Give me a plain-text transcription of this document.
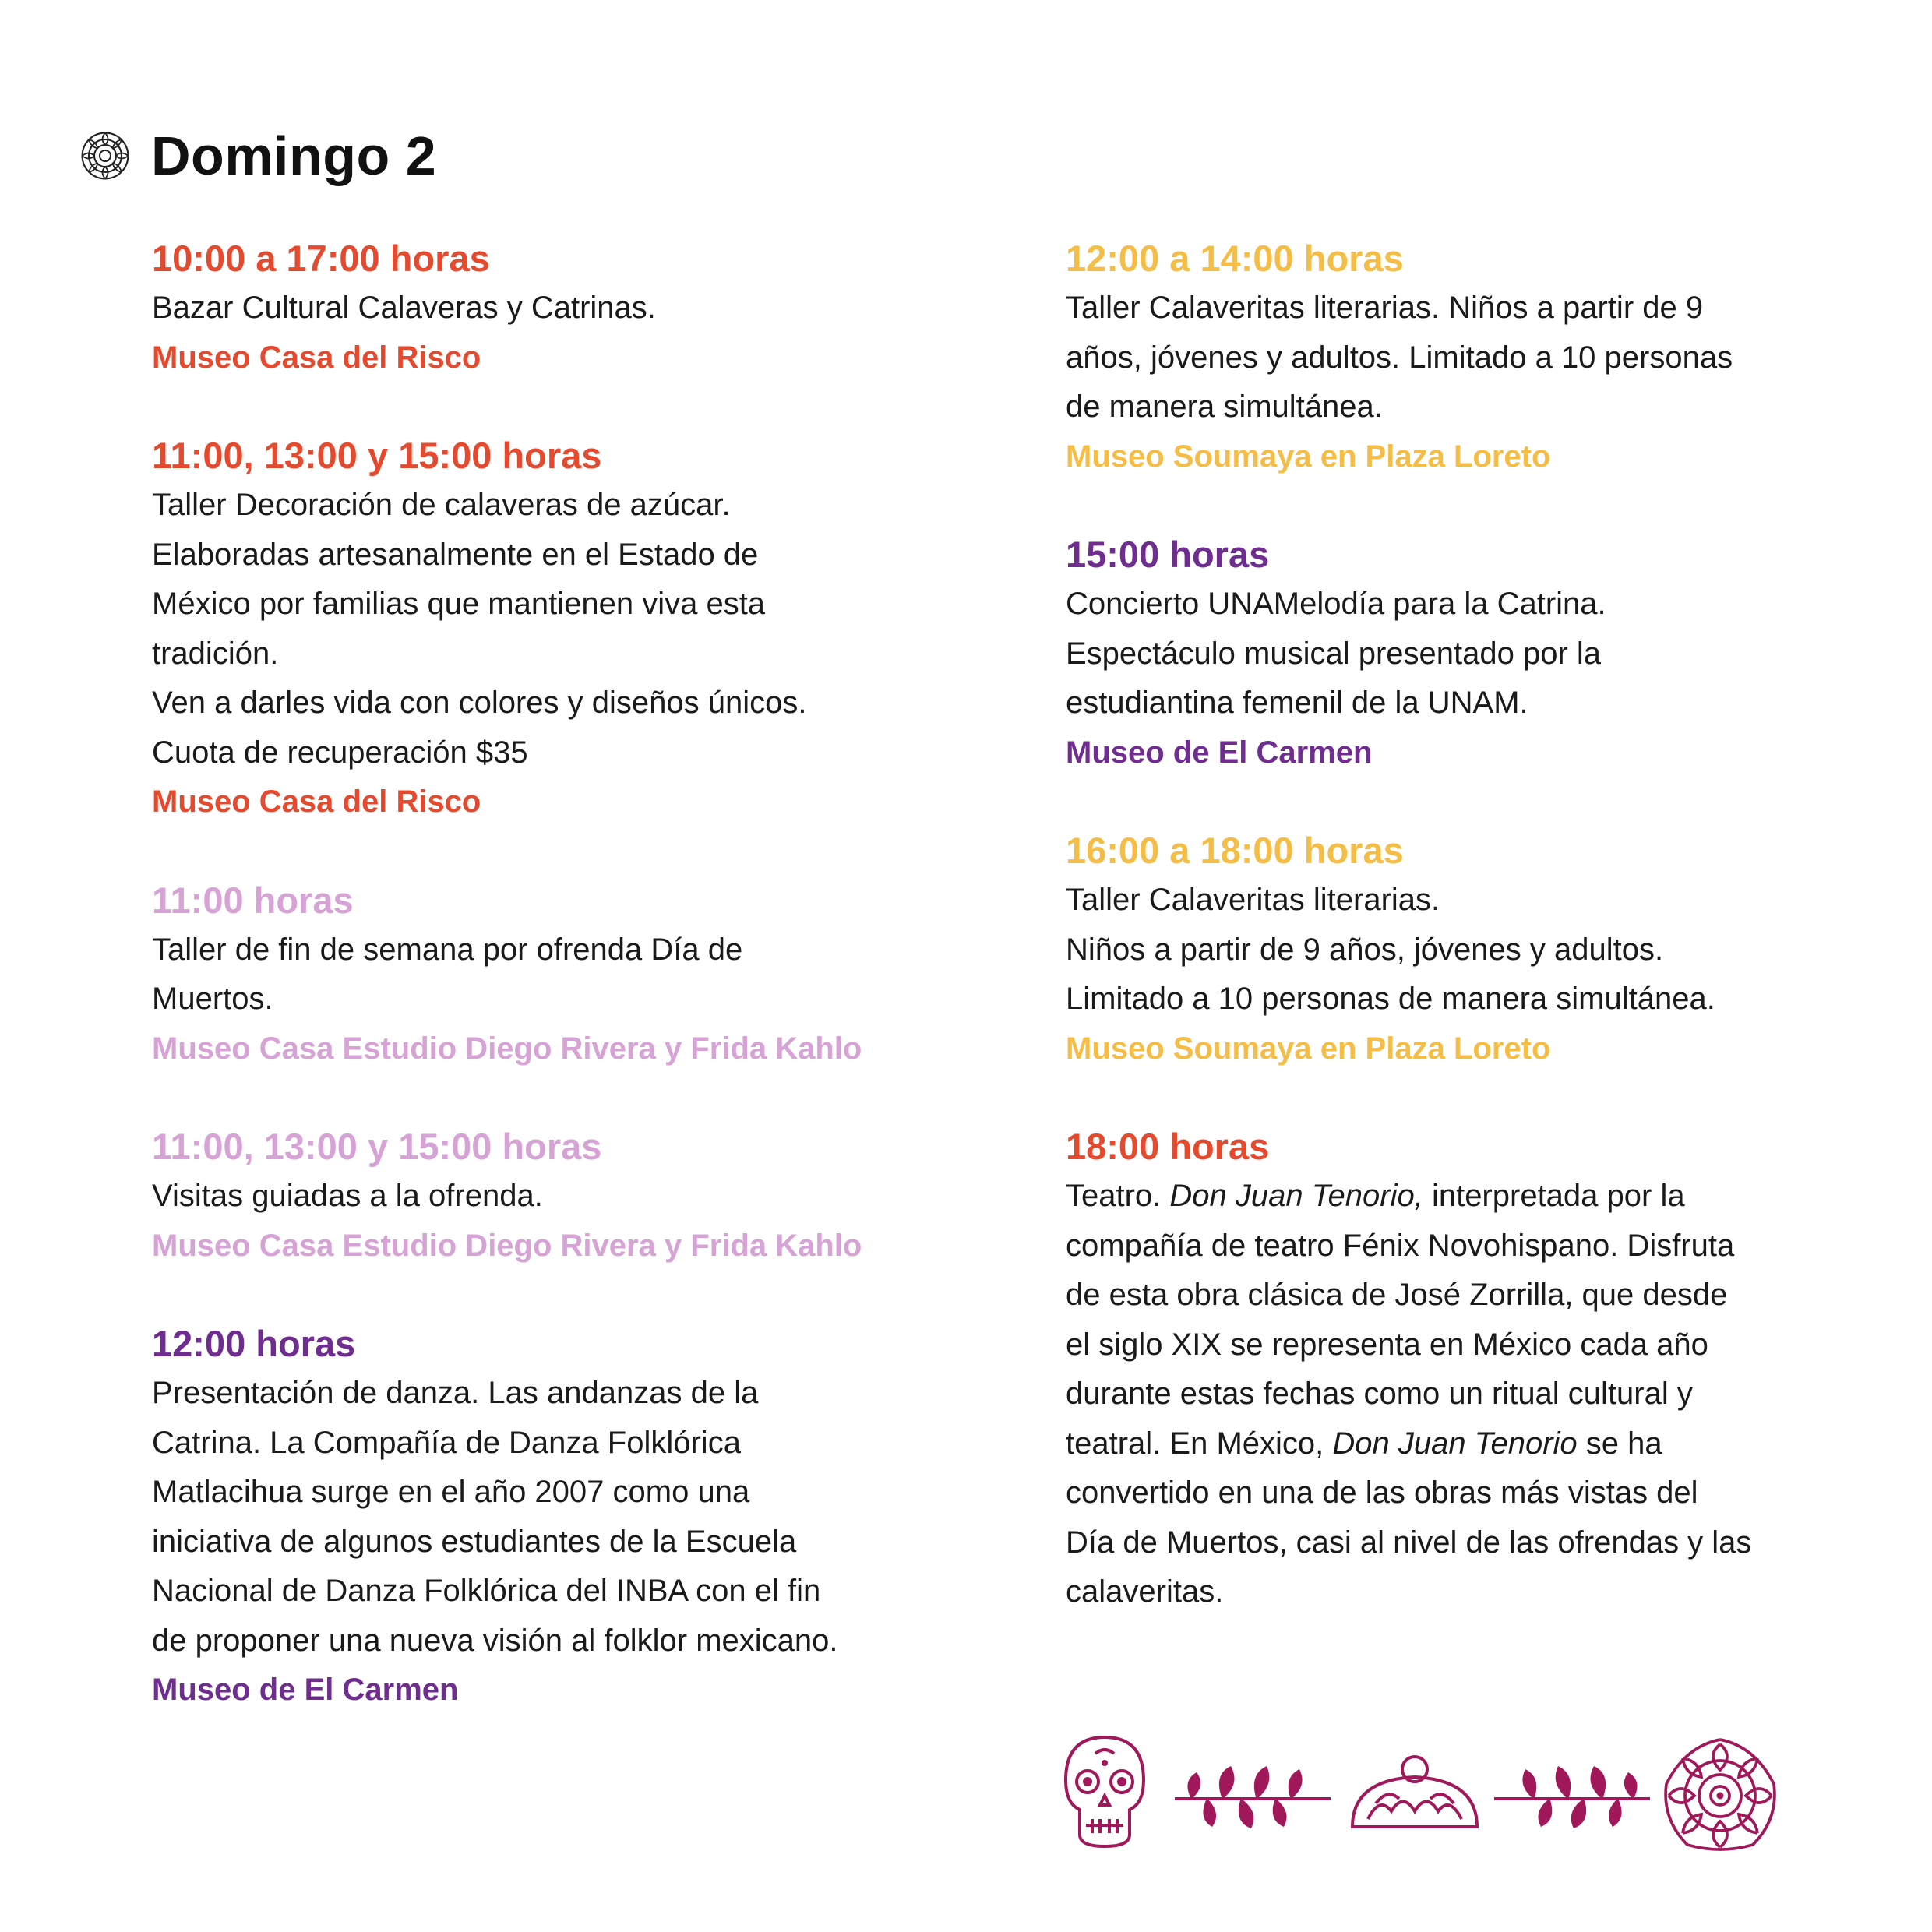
Domingo 2

10:00 a 17:00 horas

Bazar Cultural Calaveras y Catrinas.

Museo Casa del Risco

11:00, 13:00 y 15:00 horas

Taller Decoración de calaveras de azúcar.
Elaboradas artesanalmente en el Estado de
México por familias que mantienen viva esta
tradición.
Ven a darles vida con colores y diseños únicos.
Cuota de recuperación $35

Museo Casa del Risco

11:00 horas

Taller de fin de semana por ofrenda Día de
Muertos.

Museo Casa Estudio Diego Rivera y Frida Kahlo

11:00, 13:00 y 15:00 horas

Visitas guiadas a la ofrenda.

Museo Casa Estudio Diego Rivera y Frida Kahlo

12:00 horas

Presentación de danza. Las andanzas de la
Catrina. La Compañía de Danza Folklórica
Matlacihua surge en el año 2007 como una
iniciativa de algunos estudiantes de la Escuela
Nacional de Danza Folklórica del INBA con el fin
de proponer una nueva visión al folklor mexicano.

Museo de El Carmen

12:00 a 14:00 horas

Taller Calaveritas literarias. Niños a partir de 9
años, jóvenes y adultos. Limitado a 10 personas
de manera simultánea.

Museo Soumaya en Plaza Loreto

15:00 horas

Concierto UNAMelodía para la Catrina.
Espectáculo musical presentado por la
estudiantina femenil de la UNAM.

Museo de El Carmen

16:00 a 18:00 horas

Taller Calaveritas literarias.
Niños a partir de 9 años, jóvenes y adultos.
Limitado a 10 personas de manera simultánea.

Museo Soumaya en Plaza Loreto

18:00 horas

Teatro. Don Juan Tenorio, interpretada por la
compañía de teatro Fénix Novohispano. Disfruta
de esta obra clásica de José Zorrilla, que desde
el siglo XIX se representa en México cada año
durante estas fechas como un ritual cultural y
teatral. En México, Don Juan Tenorio se ha
convertido en una de las obras más vistas del
Día de Muertos, casi al nivel de las ofrendas y las
calaveritas.
